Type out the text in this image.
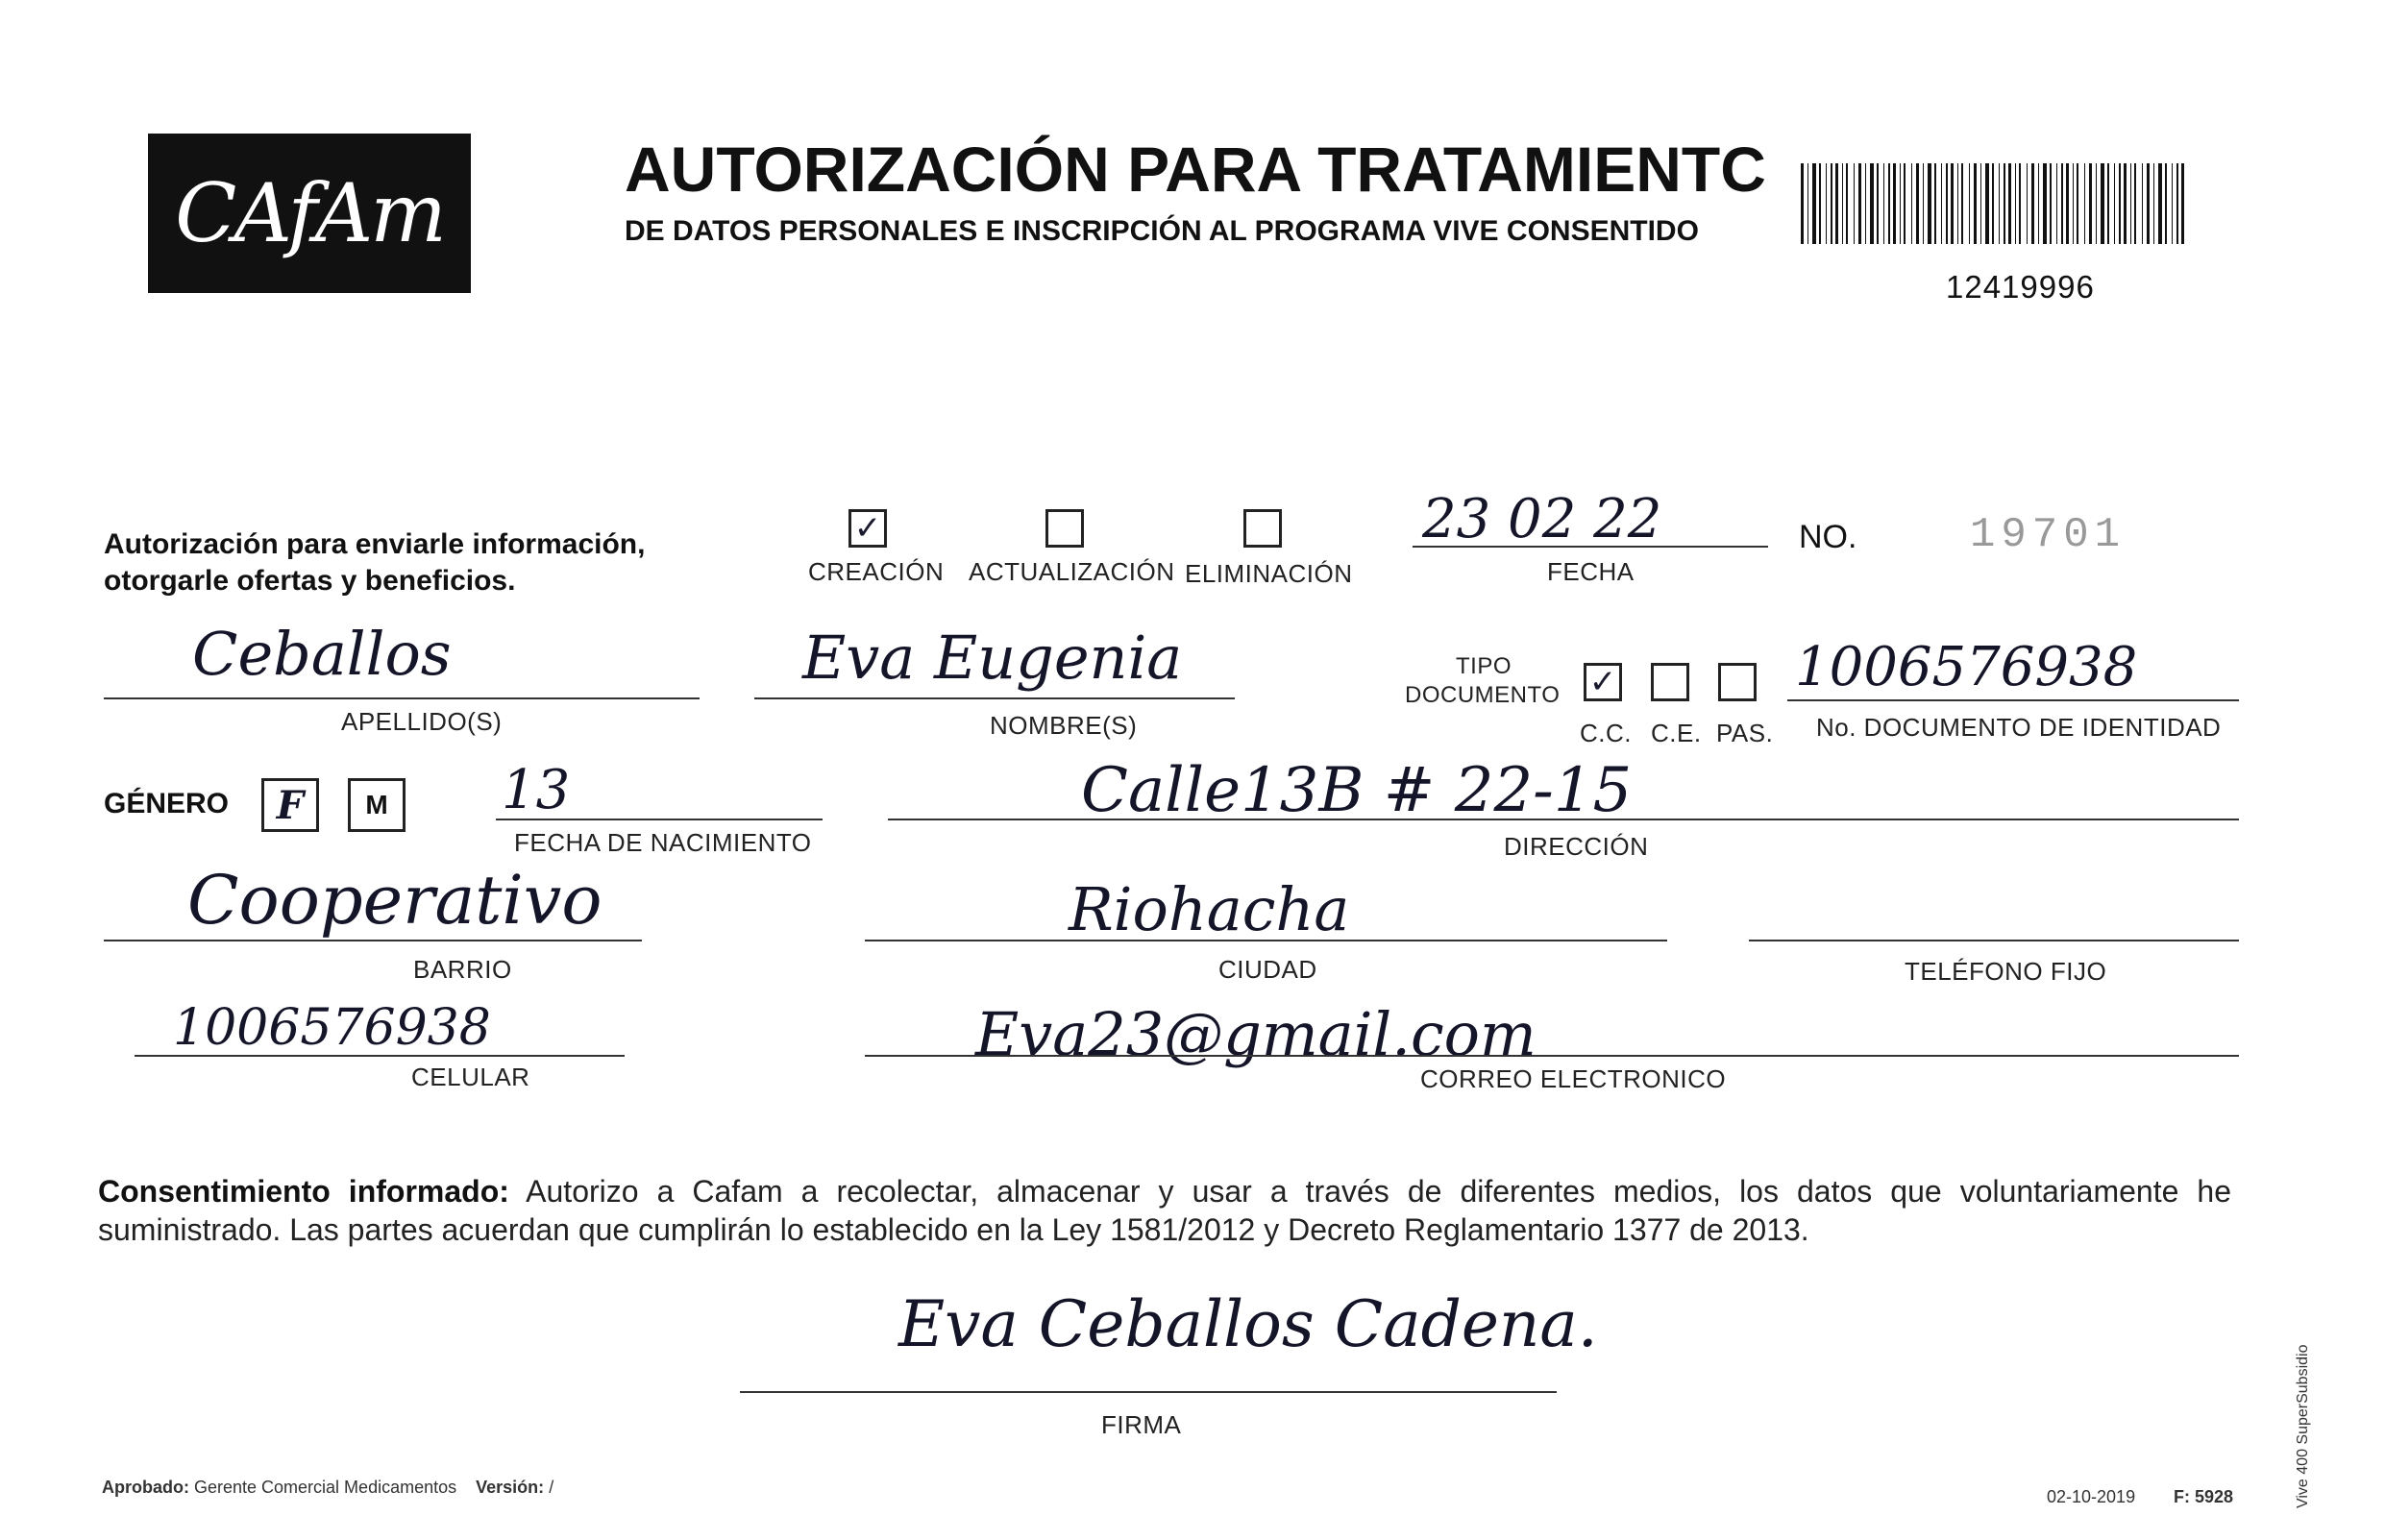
CAfAm	AUTORIZACIÓN PARA TRATAMIENTC
DE DATOS PERSONALES E INSCRIPCIÓN AL PROGRAMA VIVE CONSENTIDO
12419996
Autorización para enviarle información,
otorgarle ofertas y beneficios.
✓
CREACIÓN ACTUALIZACIÓN ELIMINACIÓN
23 02 22
FECHA
NO.	19701
Ceballos
APELLIDO(S)
Eva Eugenia
NOMBRE(S)
TIPO
DOCUMENTO ✓
C.C. C.E. PAS.
1006576938
No. DOCUMENTO DE IDENTIDAD
GÉNERO F M 13
FECHA DE NACIMIENTO
Calle13B # 22-15
DIRECCIÓN
Cooperativo
BARRIO
Riohacha
CIUDAD	TELÉFONO FIJO
1006576938
CELULAR
Eva23@gmail.com
CORREO ELECTRONICO
Consentimiento informado: Autorizo a Cafam a recolectar, almacenar y usar a través de diferentes medios, los datos que voluntariamente he suministrado. Las partes acuerdan que cumplirán lo establecido en la Ley 1581/2012 y Decreto Reglamentario 1377 de 2013.
Eva Ceballos Cadena.
FIRMA
Aprobado: Gerente Comercial Medicamentos Versión: /	02-10-2019 F: 5928	Vive 400 SuperSubsidio
